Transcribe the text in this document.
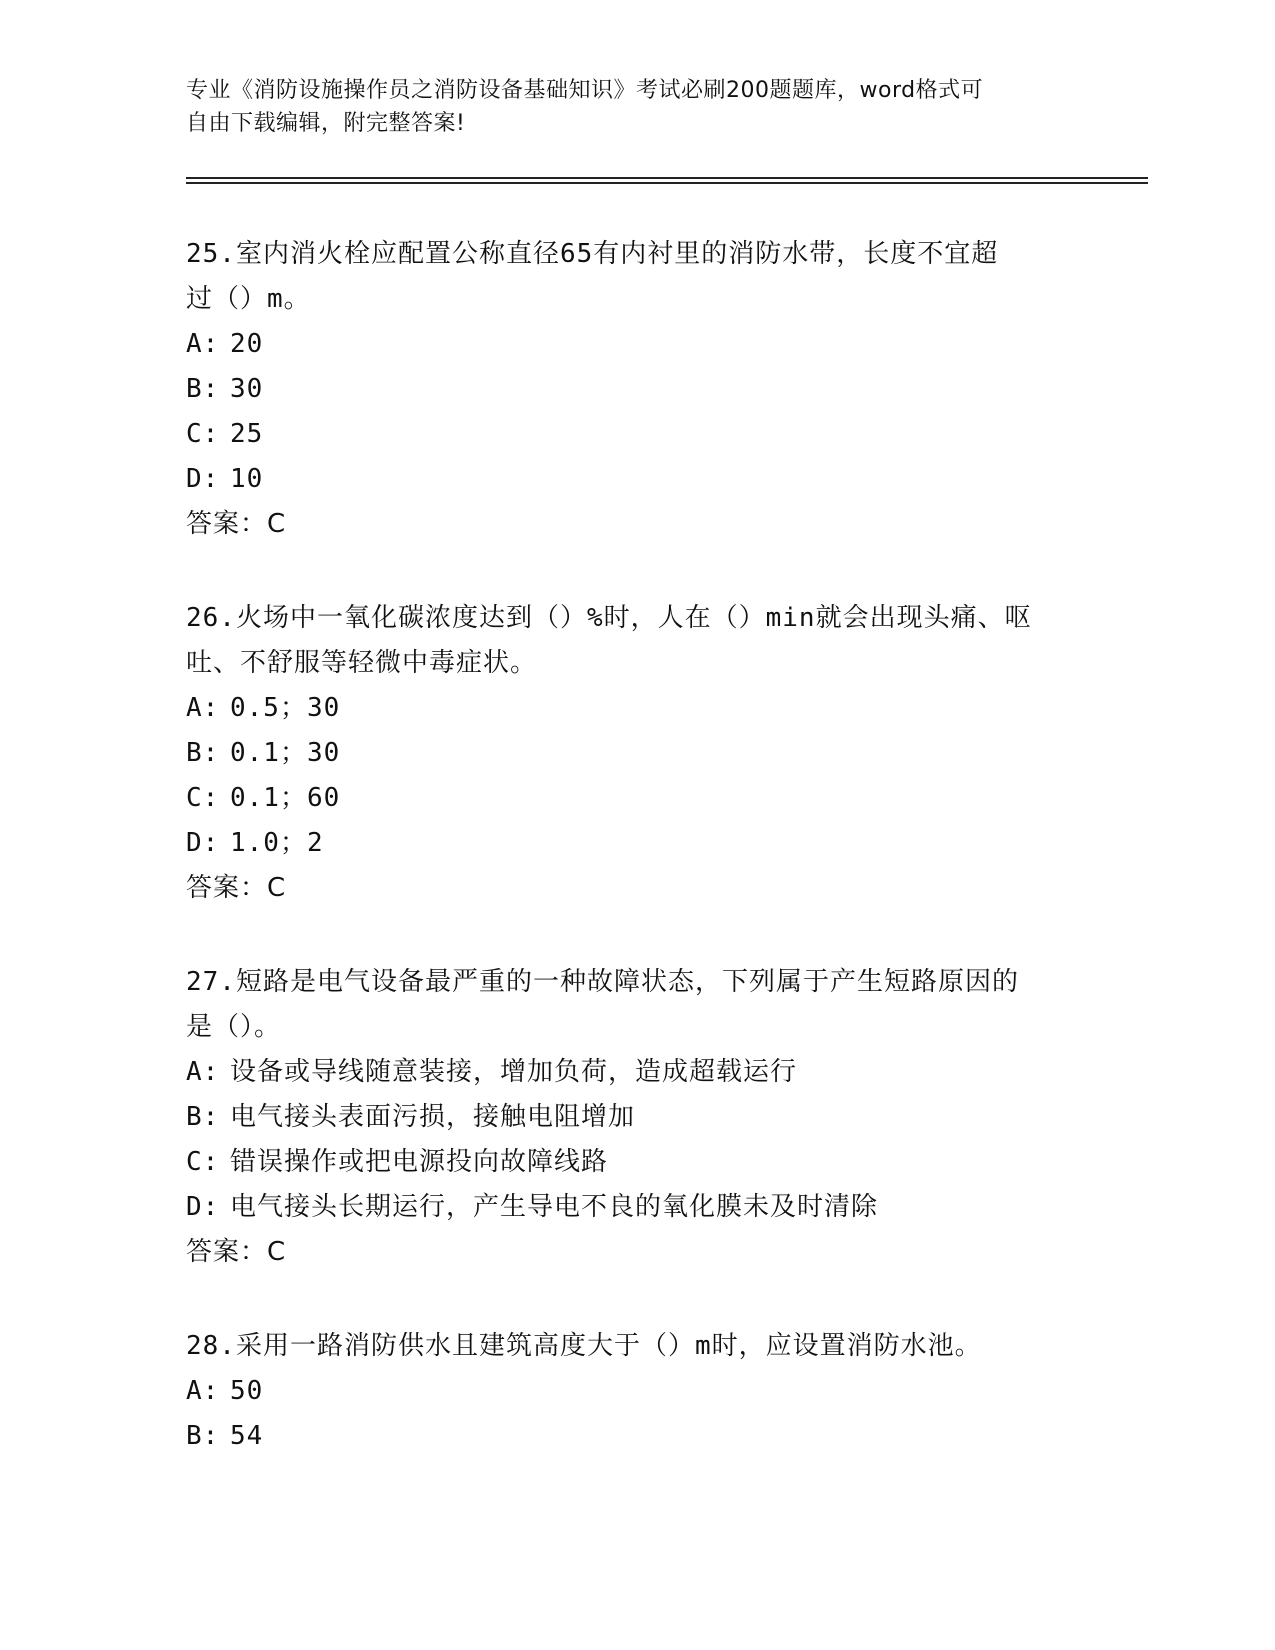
专业《消防设施操作员之消防设备基础知识》考试必刷200题题库，word格式可
自由下载编辑，附完整答案!
25.室内消火栓应配置公称直径65有内衬里的消防水带，长度不宜超
过（）m。
A: 20
B: 30
C: 25
D: 10
答案：C
26.火场中一氧化碳浓度达到（）%时，人在（）min就会出现头痛、呕
吐、不舒服等轻微中毒症状。
A: 0.5；30
B: 0.1；30
C: 0.1；60
D: 1.0；2
答案：C
27.短路是电气设备最严重的一种故障状态，下列属于产生短路原因的
是（）。
A: 设备或导线随意装接，增加负荷，造成超载运行
B: 电气接头表面污损，接触电阻增加
C: 错误操作或把电源投向故障线路
D: 电气接头长期运行，产生导电不良的氧化膜未及时清除
答案：C
28.采用一路消防供水且建筑高度大于（）m时，应设置消防水池。
A: 50
B: 54
